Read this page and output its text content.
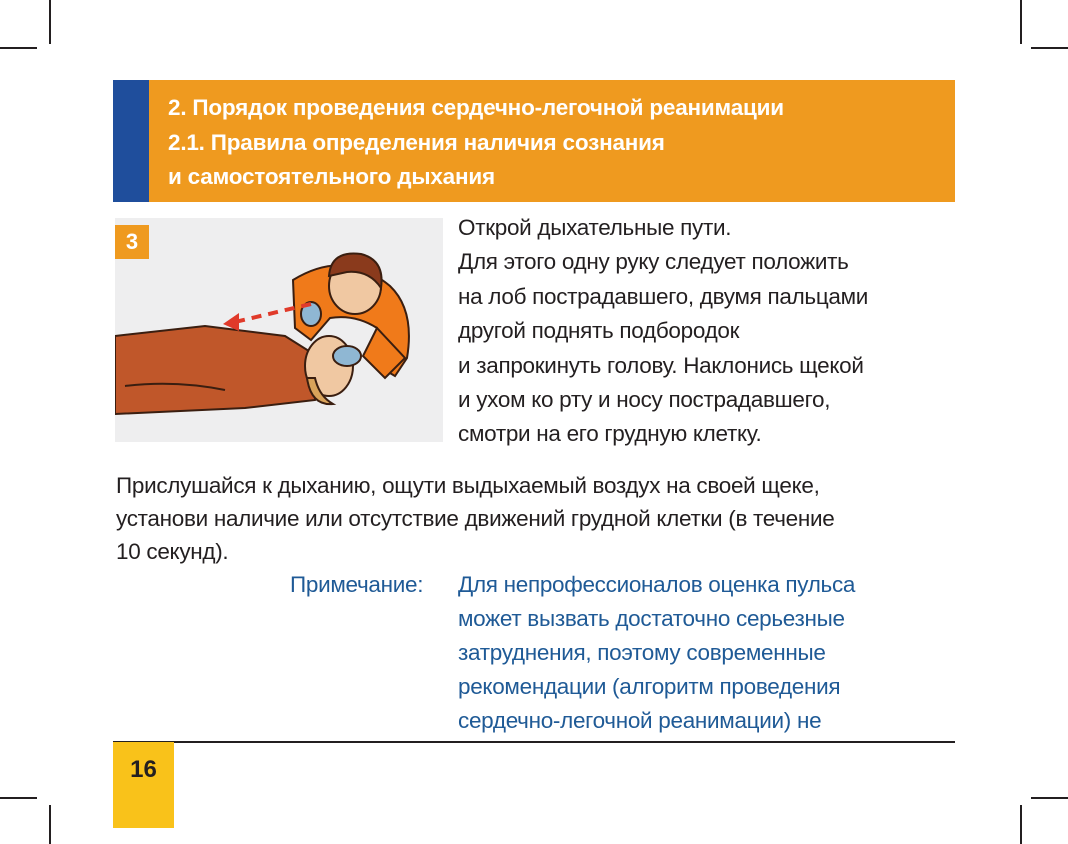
2. Порядок проведения сердечно-легочной реанимации
2.1. Правила определения наличия сознания
и самостоятельного дыхания
3
Открой дыхательные пути.
Для этого одну руку следует положить
на лоб пострадавшего, двумя пальцами
другой поднять подбородок
и запрокинуть голову. Наклонись щекой
и ухом ко рту и носу пострадавшего,
смотри на его грудную клетку.
Прислушайся к дыханию, ощути выдыхаемый воздух на своей щеке,
установи наличие или отсутствие движений грудной клетки (в течение
10 секунд).
Примечание: Для непрофессионалов оценка пульса
может вызвать достаточно серьезные
затруднения, поэтому современные
рекомендации (алгоритм проведения
сердечно-легочной реанимации) не
16
